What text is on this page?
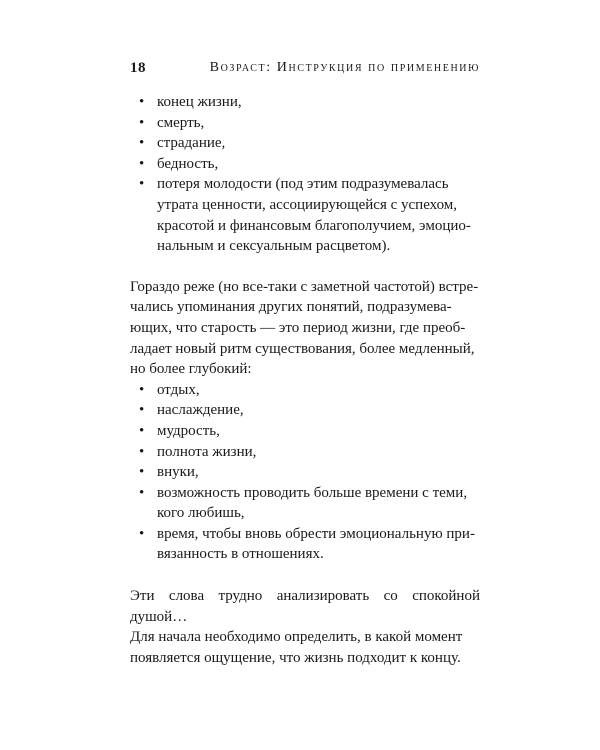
18	Возраст: Инструкция по применению
• конец жизни,
• смерть,
• страдание,
• бедность,
• потеря молодости (под этим подразумевалась
утрата ценности, ассоциирующейся с успехом,
красотой и финансовым благополучием, эмоцио-
нальным и сексуальным расцветом).
Гораздо реже (но все-таки с заметной частотой) встре-
чались упоминания других понятий, подразумева-
ющих, что старость — это период жизни, где преоб-
ладает новый ритм существования, более медленный,
но более глубокий:
• отдых,
• наслаждение,
• мудрость,
• полнота жизни,
• внуки,
• возможность проводить больше времени с теми,
кого любишь,
• время, чтобы вновь обрести эмоциональную при-
вязанность в отношениях.
Эти слова трудно анализировать со спокойной душой…
Для начала необходимо определить, в какой момент
появляется ощущение, что жизнь подходит к концу.
